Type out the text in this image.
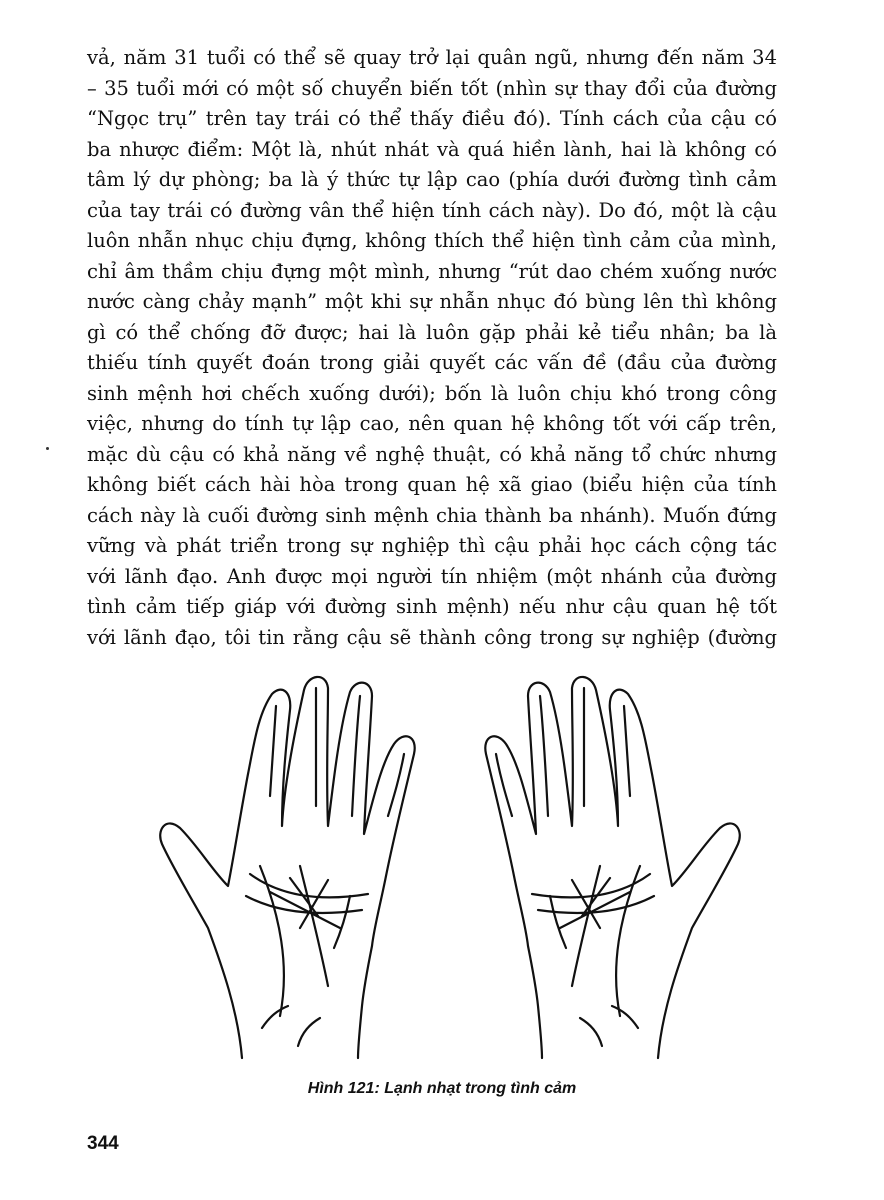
vả, năm 31 tuổi có thể sẽ quay trở lại quân ngũ, nhưng đến năm 34
– 35 tuổi mới có một số chuyển biến tốt (nhìn sự thay đổi của đường
“Ngọc trụ” trên tay trái có thể thấy điều đó). Tính cách của cậu có
ba nhược điểm: Một là, nhút nhát và quá hiền lành, hai là không có
tâm lý dự phòng; ba là ý thức tự lập cao (phía dưới đường tình cảm
của tay trái có đường vân thể hiện tính cách này). Do đó, một là cậu
luôn nhẫn nhục chịu đựng, không thích thể hiện tình cảm của mình,
chỉ âm thầm chịu đựng một mình, nhưng “rút dao chém xuống nước
nước càng chảy mạnh” một khi sự nhẫn nhục đó bùng lên thì không
gì có thể chống đỡ được; hai là luôn gặp phải kẻ tiểu nhân; ba là
thiếu tính quyết đoán trong giải quyết các vấn đề (đầu của đường
sinh mệnh hơi chếch xuống dưới); bốn là luôn chịu khó trong công
việc, nhưng do tính tự lập cao, nên quan hệ không tốt với cấp trên,
mặc dù cậu có khả năng về nghệ thuật, có khả năng tổ chức nhưng
không biết cách hài hòa trong quan hệ xã giao (biểu hiện của tính
cách này là cuối đường sinh mệnh chia thành ba nhánh). Muốn đứng
vững và phát triển trong sự nghiệp thì cậu phải học cách cộng tác
với lãnh đạo. Anh được mọi người tín nhiệm (một nhánh của đường
tình cảm tiếp giáp với đường sinh mệnh) nếu như cậu quan hệ tốt
với lãnh đạo, tôi tin rằng cậu sẽ thành công trong sự nghiệp (đường
Hình 121: Lạnh nhạt trong tình cảm
344
